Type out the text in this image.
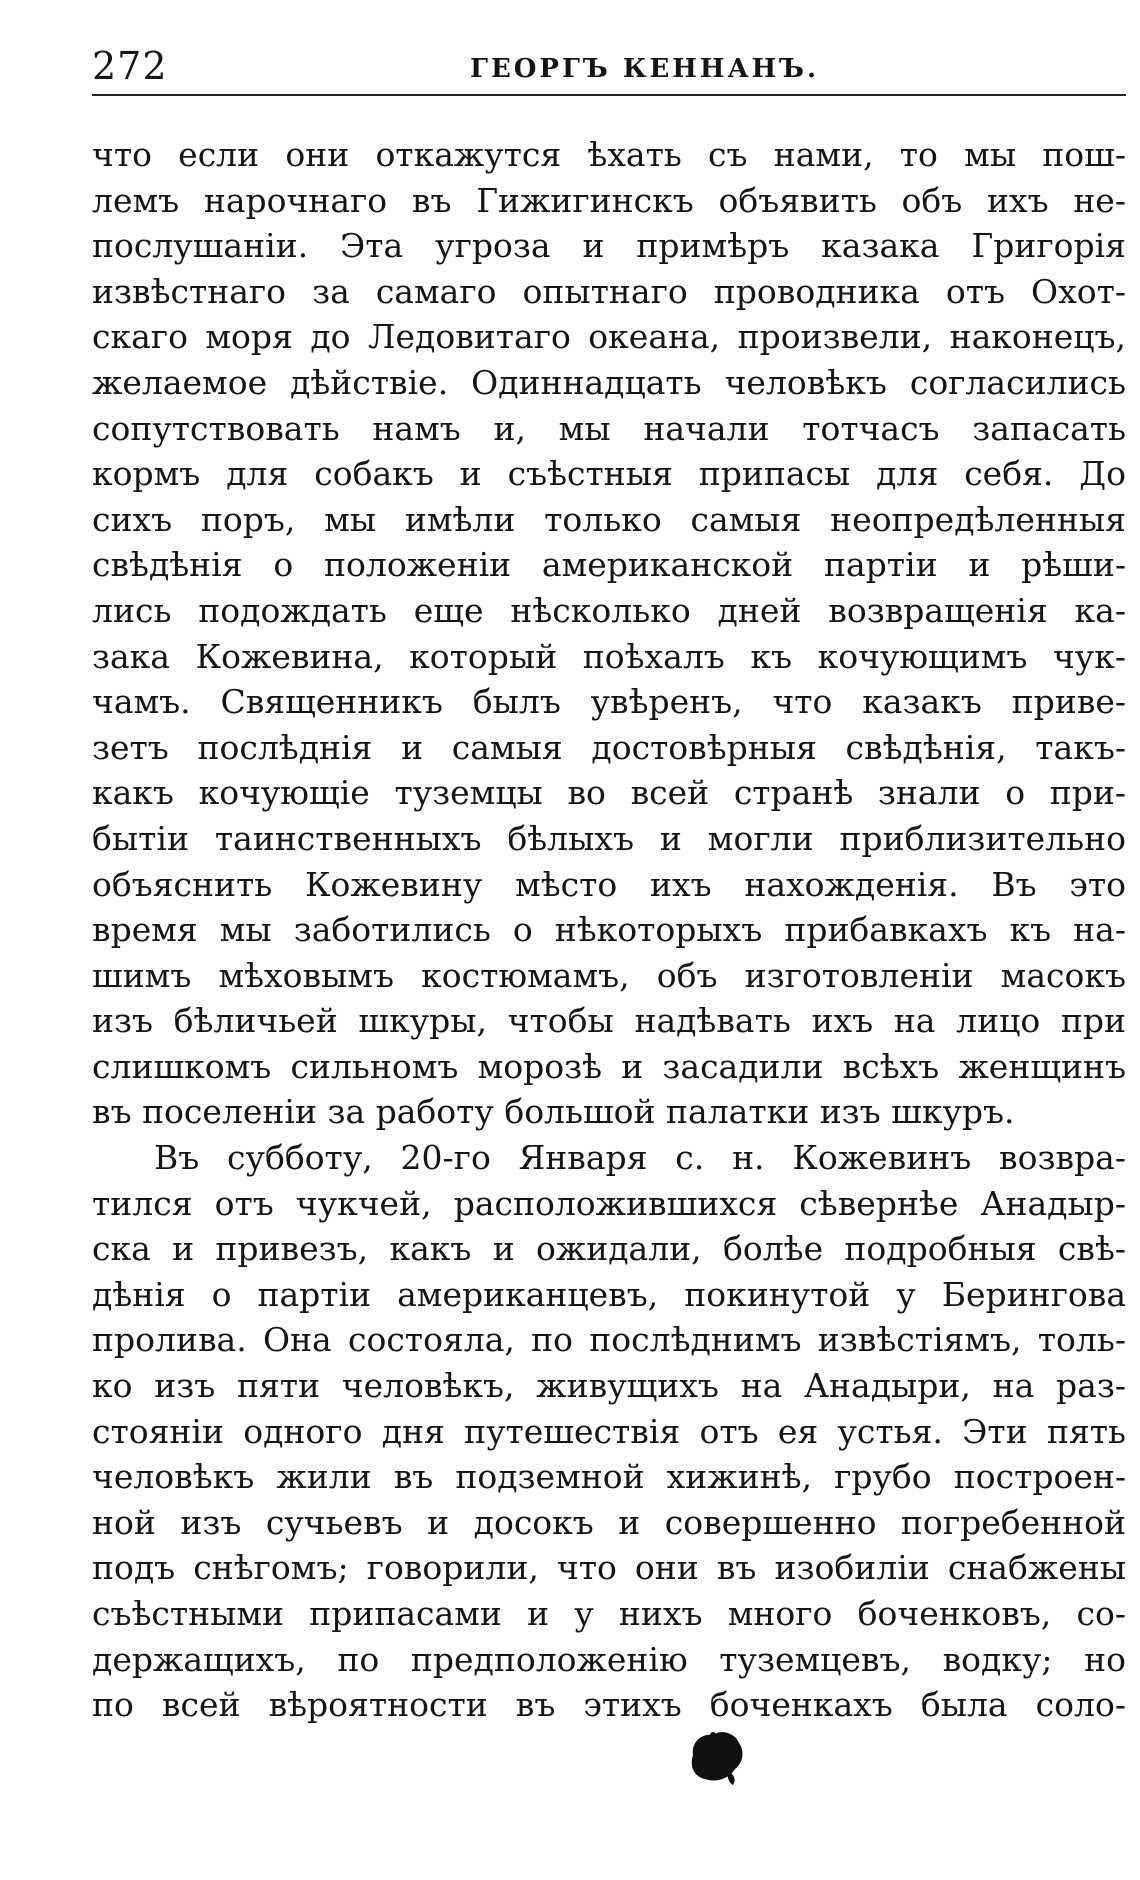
272	ГЕОРГЪ КЕННАНЪ.
что если они откажутся ѣхать съ нами, то мы пош-
лемъ нарочнаго въ Гижигинскъ объявить объ ихъ не-
послушаніи. Эта угроза и примѣръ казака Григорія
извѣстнаго за самаго опытнаго проводника отъ Охот-
скаго моря до Ледовитаго океана, произвели, наконецъ,
желаемое дѣйствіе. Одиннадцать человѣкъ согласились
сопутствовать намъ и, мы начали тотчасъ запасать
кормъ для собакъ и съѣстныя припасы для себя. До
сихъ поръ, мы имѣли только самыя неопредѣленныя
свѣдѣнія о положеніи американской партіи и рѣши-
лись подождать еще нѣсколько дней возвращенія ка-
зака Кожевина, который поѣхалъ къ кочующимъ чук-
чамъ. Священникъ былъ увѣренъ, что казакъ приве-
зетъ послѣднія и самыя достовѣрныя свѣдѣнія, такъ-
какъ кочующіе туземцы во всей странѣ знали о при-
бытіи таинственныхъ бѣлыхъ и могли приблизительно
объяснить Кожевину мѣсто ихъ нахожденія. Въ это
время мы заботились о нѣкоторыхъ прибавкахъ къ на-
шимъ мѣховымъ костюмамъ, объ изготовленіи масокъ
изъ бѣличьей шкуры, чтобы надѣвать ихъ на лицо при
слишкомъ сильномъ морозѣ и засадили всѣхъ женщинъ
въ поселеніи за работу большой палатки изъ шкуръ.
Въ субботу, 20-го Января с. н. Кожевинъ возвра-
тился отъ чукчей, расположившихся сѣвернѣе Анадыр-
ска и привезъ, какъ и ожидали, болѣе подробныя свѣ-
дѣнія о партіи американцевъ, покинутой у Берингова
пролива. Она состояла, по послѣднимъ извѣстіямъ, толь-
ко изъ пяти человѣкъ, живущихъ на Анадыри, на раз-
стояніи одного дня путешествія отъ ея устья. Эти пять
человѣкъ жили въ подземной хижинѣ, грубо построен-
ной изъ сучьевъ и досокъ и совершенно погребенной
подъ снѣгомъ; говорили, что они въ изобиліи снабжены
съѣстными припасами и у нихъ много боченковъ, со-
держащихъ, по предположенію туземцевъ, водку; но
по всей вѣроятности въ этихъ боченкахъ была соло-
